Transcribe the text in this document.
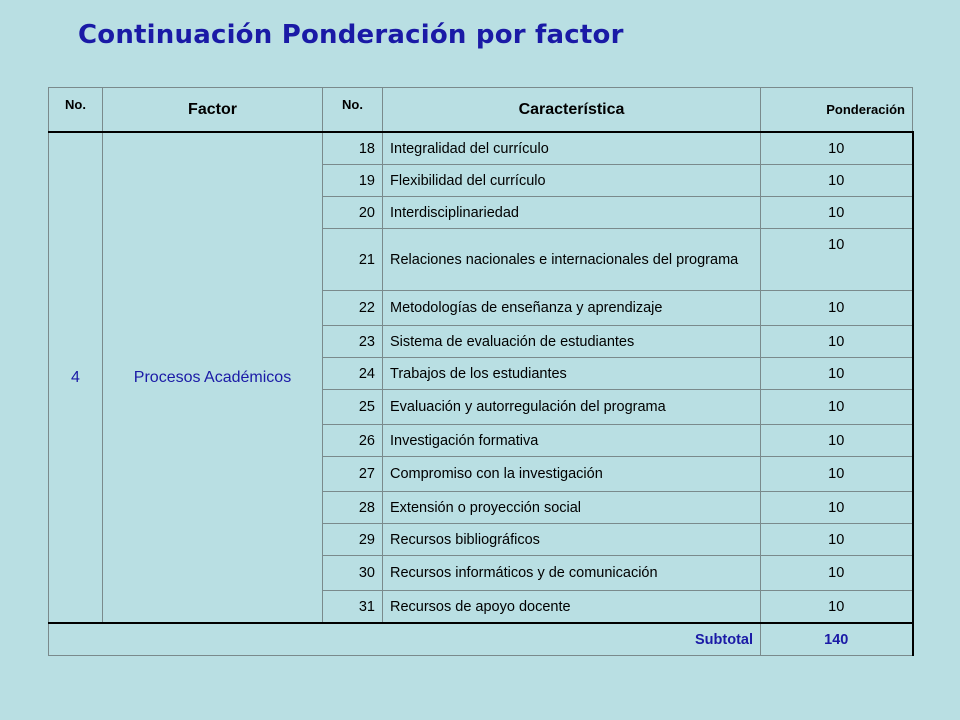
Continuación Ponderación por factor
No.	Factor	No.	Característica	Ponderación
4	Procesos Académicos	18	Integralidad del currículo	10
		19	Flexibilidad del currículo	10
		20	Interdisciplinariedad	10
		21	Relaciones nacionales e internacionales del programa	10
		22	Metodologías de enseñanza y aprendizaje	10
		23	Sistema de evaluación de estudiantes	10
		24	Trabajos de los estudiantes	10
		25	Evaluación y autorregulación del programa	10
		26	Investigación formativa	10
		27	Compromiso con la investigación	10
		28	Extensión o proyección social	10
		29	Recursos bibliográficos	10
		30	Recursos informáticos y de comunicación	10
		31	Recursos de apoyo docente	10
Subtotal				140
